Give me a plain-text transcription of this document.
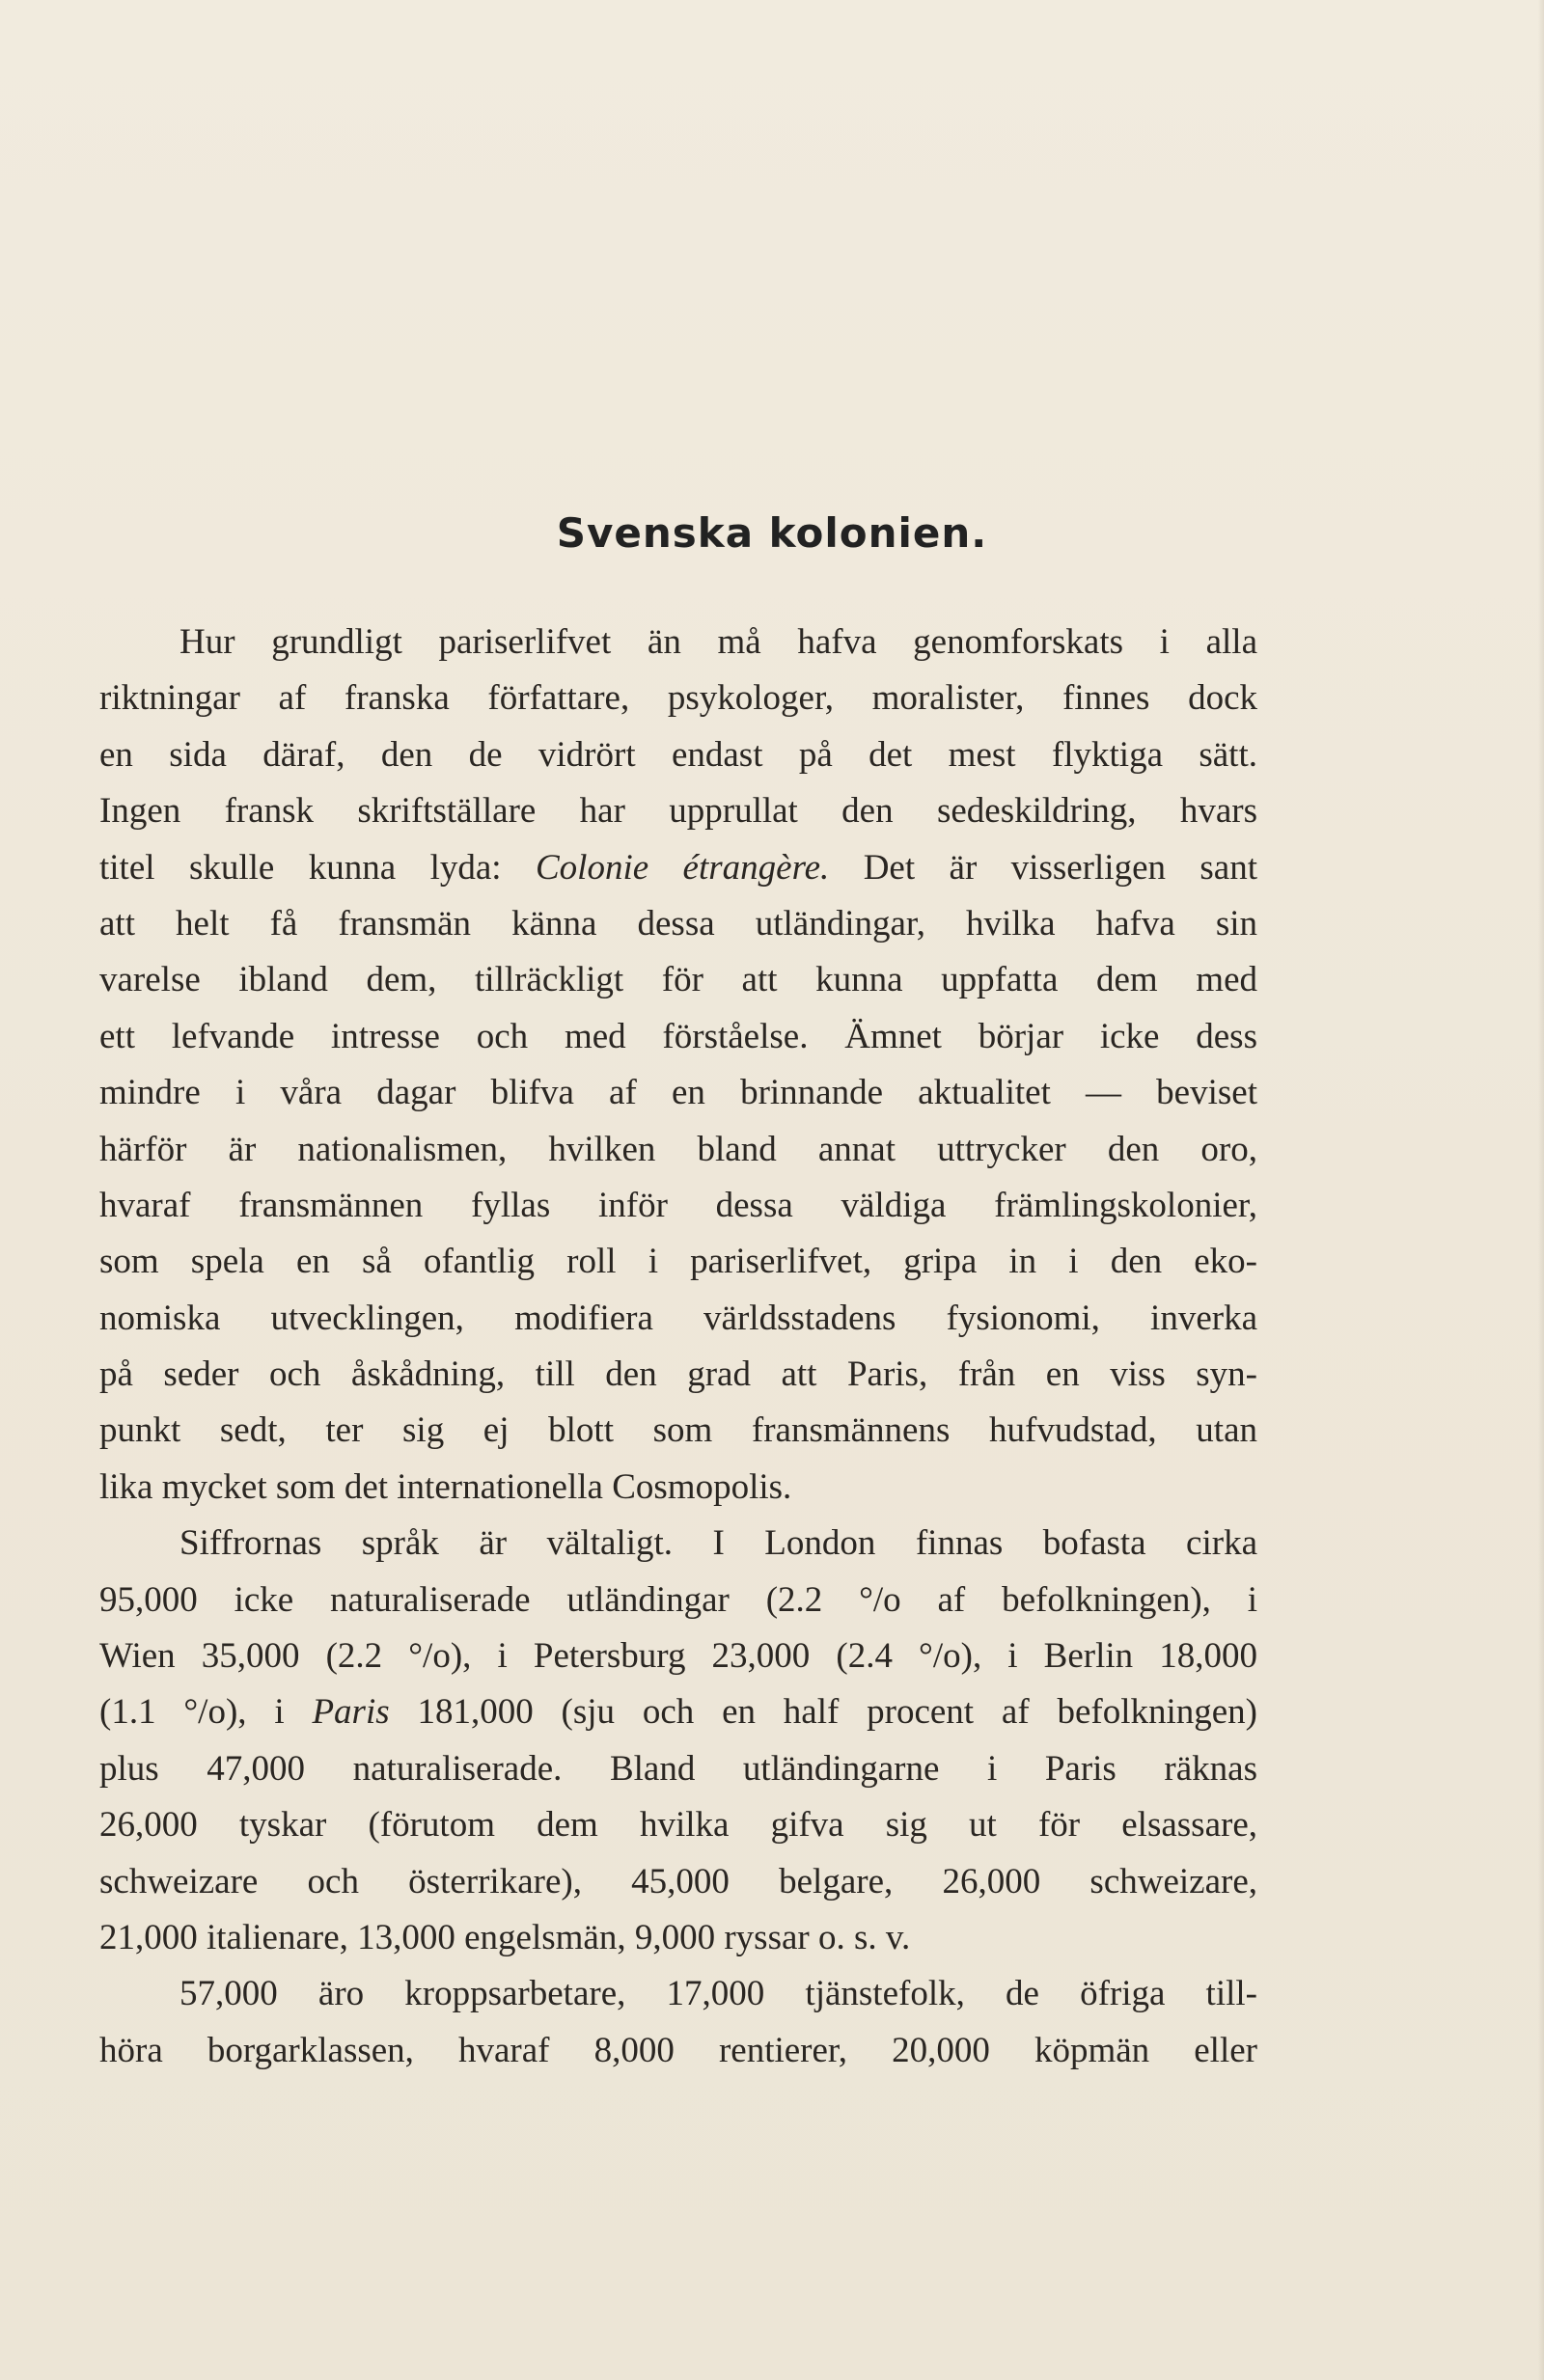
Svenska kolonien.
Hur grundligt pariserlifvet än må hafva genomforskats i alla
riktningar af franska författare, psykologer, moralister, finnes dock
en sida däraf, den de vidrört endast på det mest flyktiga sätt.
Ingen fransk skriftställare har upprullat den sedeskildring, hvars
titel skulle kunna lyda: Colonie étrangère. Det är visserligen sant
att helt få fransmän känna dessa utländingar, hvilka hafva sin
varelse ibland dem, tillräckligt för att kunna uppfatta dem med
ett lefvande intresse och med förståelse. Ämnet börjar icke dess
mindre i våra dagar blifva af en brinnande aktualitet — beviset
härför är nationalismen, hvilken bland annat uttrycker den oro,
hvaraf fransmännen fyllas inför dessa väldiga främlingskolonier,
som spela en så ofantlig roll i pariserlifvet, gripa in i den eko-
nomiska utvecklingen, modifiera världsstadens fysionomi, inverka
på seder och åskådning, till den grad att Paris, från en viss syn-
punkt sedt, ter sig ej blott som fransmännens hufvudstad, utan
lika mycket som det internationella Cosmopolis.
Siffrornas språk är vältaligt. I London finnas bofasta cirka
95,000 icke naturaliserade utländingar (2.2 °/o af befolkningen), i
Wien 35,000 (2.2 °/o), i Petersburg 23,000 (2.4 °/o), i Berlin 18,000
(1.1 °/o), i Paris 181,000 (sju och en half procent af befolkningen)
plus 47,000 naturaliserade. Bland utländingarne i Paris räknas
26,000 tyskar (förutom dem hvilka gifva sig ut för elsassare,
schweizare och österrikare), 45,000 belgare, 26,000 schweizare,
21,000 italienare, 13,000 engelsmän, 9,000 ryssar o. s. v.
57,000 äro kroppsarbetare, 17,000 tjänstefolk, de öfriga till-
höra borgarklassen, hvaraf 8,000 rentierer, 20,000 köpmän eller
